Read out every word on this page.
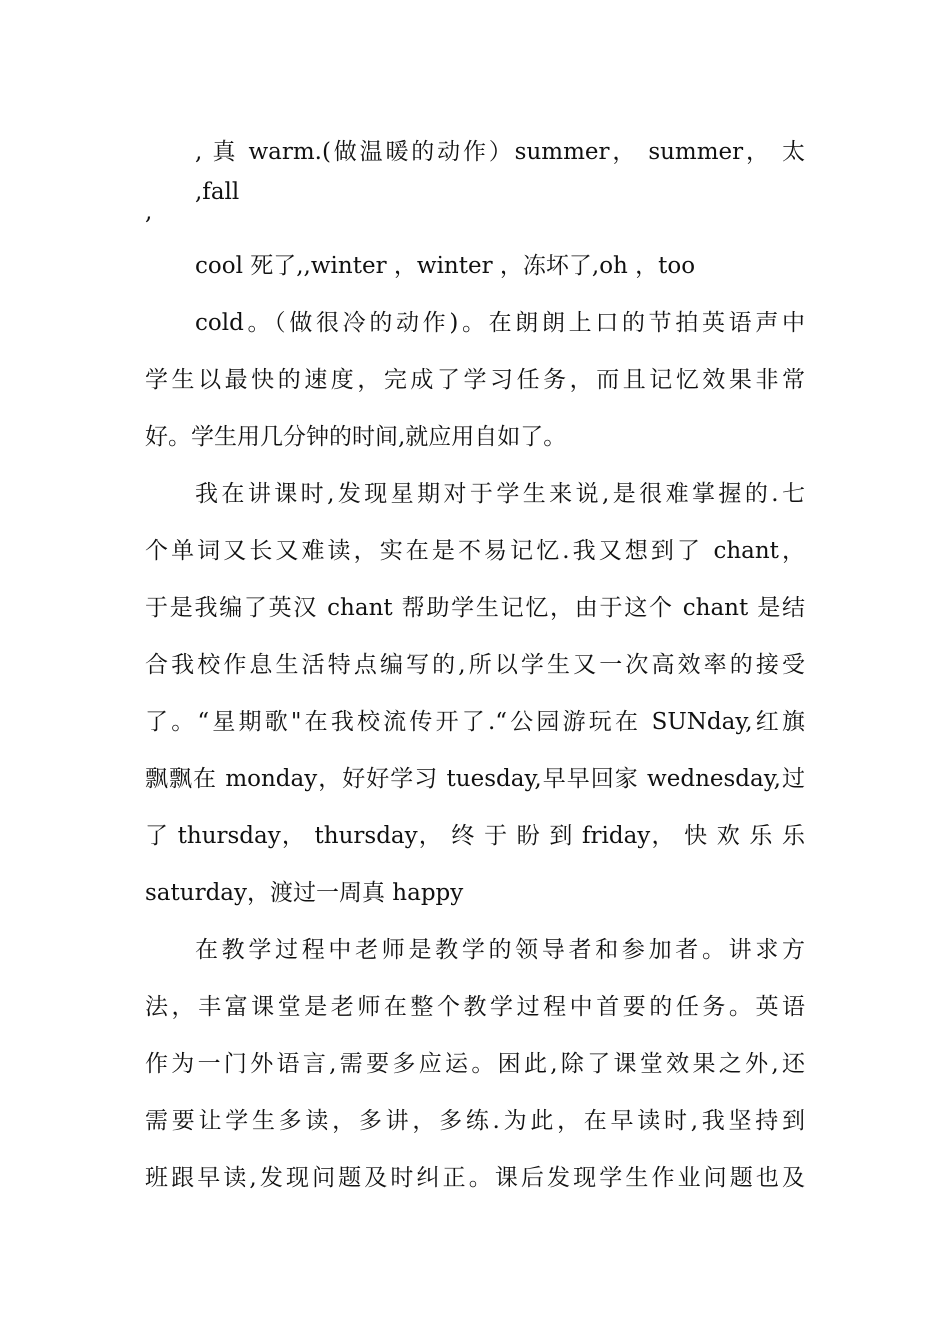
, 真 warm.(做温暖的动作）summer， summer， 太 ,fall
,
cool 死了,,winter ，winter ，冻坏了,oh ，too
cold。（做很冷的动作)。在朗朗上口的节拍英语声中
学生以最快的速度，完成了学习任务，而且记忆效果非常
好。学生用几分钟的时间,就应用自如了。
我在讲课时,发现星期对于学生来说,是很难掌握的.七
个单词又长又难读，实在是不易记忆.我又想到了 chant，
于是我编了英汉 chant 帮助学生记忆，由于这个 chant 是结
合我校作息生活特点编写的,所以学生又一次高效率的接受
了。“星期歌"在我校流传开了.“公园游玩在 SUNday,红旗
飘飘在 monday，好好学习 tuesday,早早回家 wednesday,过
了 thursday， thursday， 终 于 盼 到 friday， 快 欢 乐 乐
saturday，渡过一周真 happy
在教学过程中老师是教学的领导者和参加者。讲求方
法，丰富课堂是老师在整个教学过程中首要的任务。英语
作为一门外语言,需要多应运。困此,除了课堂效果之外,还
需要让学生多读，多讲，多练.为此，在早读时,我坚持到
班跟早读,发现问题及时纠正。课后发现学生作业问题也及
